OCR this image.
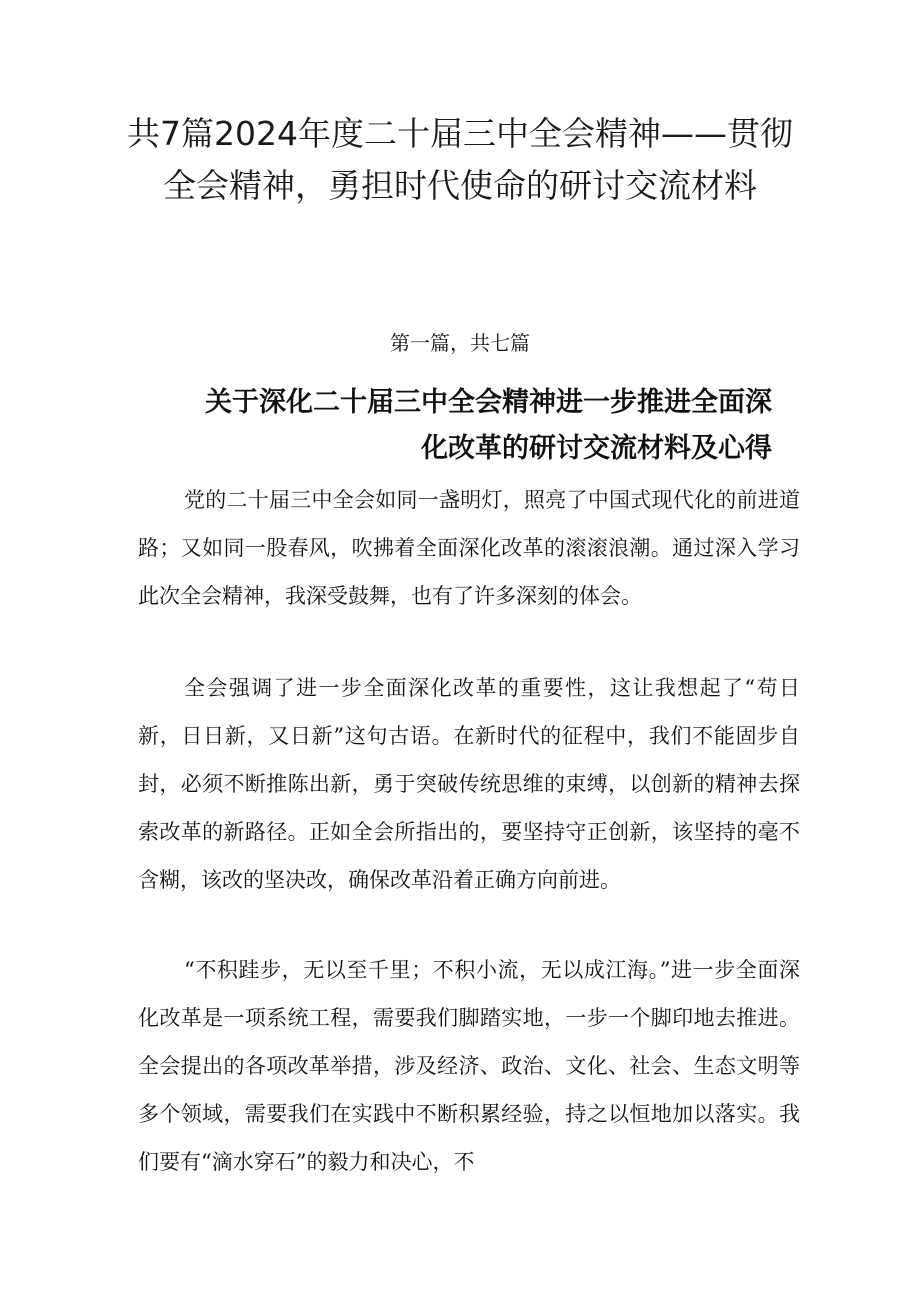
共7篇2024年度二十届三中全会精神——贯彻全会精神，勇担时代使命的研讨交流材料

第一篇，共七篇

关于深化二十届三中全会精神进一步推进全面深
化改革的研讨交流材料及心得

党的二十届三中全会如同一盏明灯，照亮了中国式现代化的前进道路；又如同一股春风，吹拂着全面深化改革的滚滚浪潮。通过深入学习此次全会精神，我深受鼓舞，也有了许多深刻的体会。

全会强调了进一步全面深化改革的重要性，这让我想起了“苟日新，日日新，又日新”这句古语。在新时代的征程中，我们不能固步自封，必须不断推陈出新，勇于突破传统思维的束缚，以创新的精神去探索改革的新路径。正如全会所指出的，要坚持守正创新，该坚持的毫不含糊，该改的坚决改，确保改革沿着正确方向前进。

“不积跬步，无以至千里；不积小流，无以成江海。”进一步全面深化改革是一项系统工程，需要我们脚踏实地，一步一个脚印地去推进。全会提出的各项改革举措，涉及经济、政治、文化、社会、生态文明等多个领域，需要我们在实践中不断积累经验，持之以恒地加以落实。我们要有“滴水穿石”的毅力和决心，不
